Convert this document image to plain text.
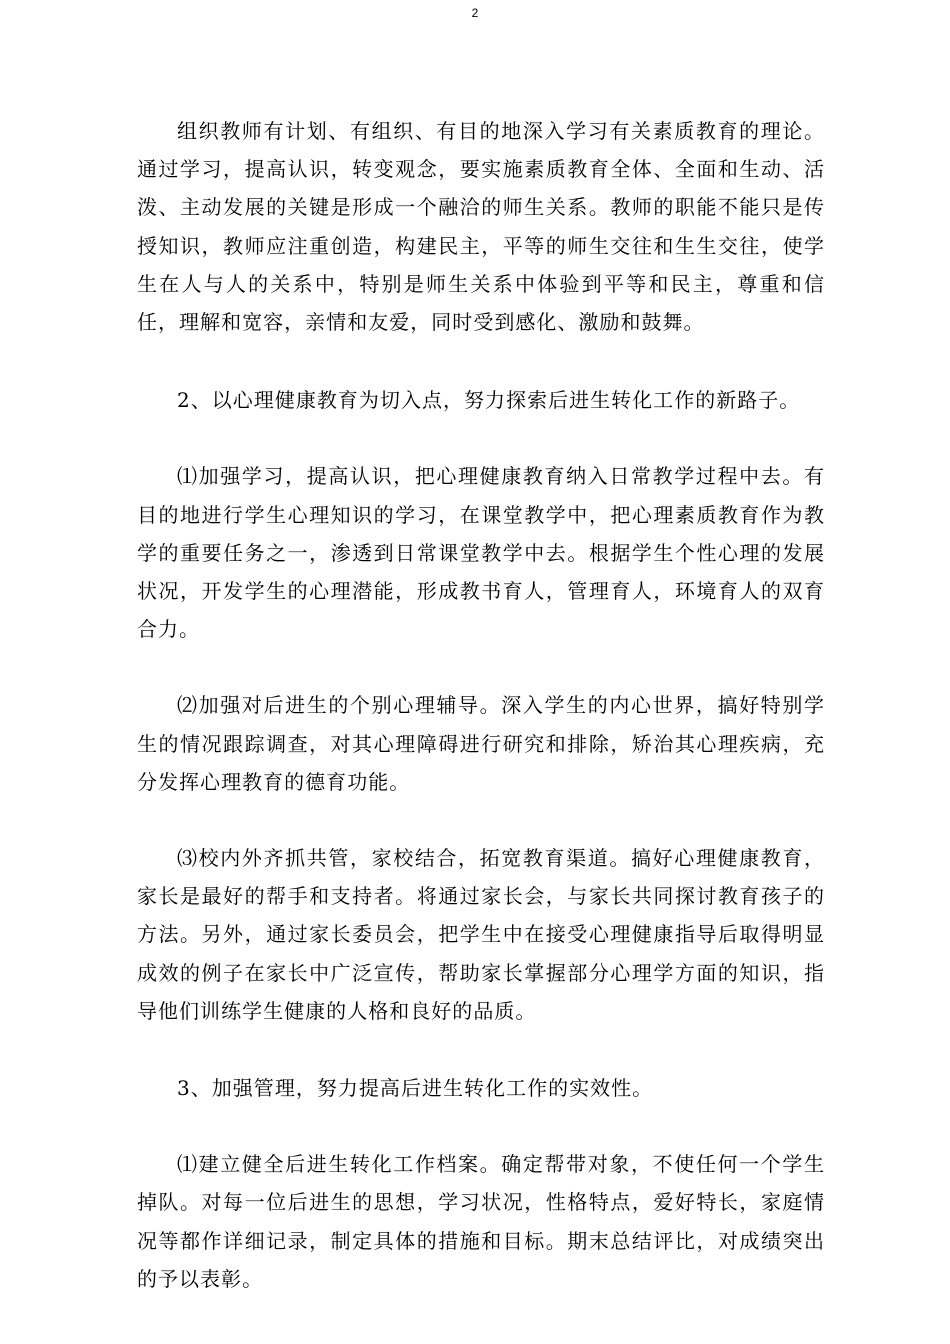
2

组织教师有计划、有组织、有目的地深入学习有关素质教育的理论。通过学习，提高认识，转变观念，要实施素质教育全体、全面和生动、活泼、主动发展的关键是形成一个融洽的师生关系。教师的职能不能只是传授知识，教师应注重创造，构建民主，平等的师生交往和生生交往，使学生在人与人的关系中，特别是师生关系中体验到平等和民主，尊重和信任，理解和宽容，亲情和友爱，同时受到感化、激励和鼓舞。

2、以心理健康教育为切入点，努力探索后进生转化工作的新路子。

⑴加强学习，提高认识，把心理健康教育纳入日常教学过程中去。有目的地进行学生心理知识的学习，在课堂教学中，把心理素质教育作为教学的重要任务之一，渗透到日常课堂教学中去。根据学生个性心理的发展状况，开发学生的心理潜能，形成教书育人，管理育人，环境育人的双育合力。

⑵加强对后进生的个别心理辅导。深入学生的内心世界，搞好特别学生的情况跟踪调查，对其心理障碍进行研究和排除，矫治其心理疾病，充分发挥心理教育的德育功能。

⑶校内外齐抓共管，家校结合，拓宽教育渠道。搞好心理健康教育，家长是最好的帮手和支持者。将通过家长会，与家长共同探讨教育孩子的方法。另外，通过家长委员会，把学生中在接受心理健康指导后取得明显成效的例子在家长中广泛宣传，帮助家长掌握部分心理学方面的知识，指导他们训练学生健康的人格和良好的品质。

3、加强管理，努力提高后进生转化工作的实效性。

⑴建立健全后进生转化工作档案。确定帮带对象，不使任何一个学生掉队。对每一位后进生的思想，学习状况，性格特点，爱好特长，家庭情况等都作详细记录，制定具体的措施和目标。期末总结评比，对成绩突出的予以表彰。
